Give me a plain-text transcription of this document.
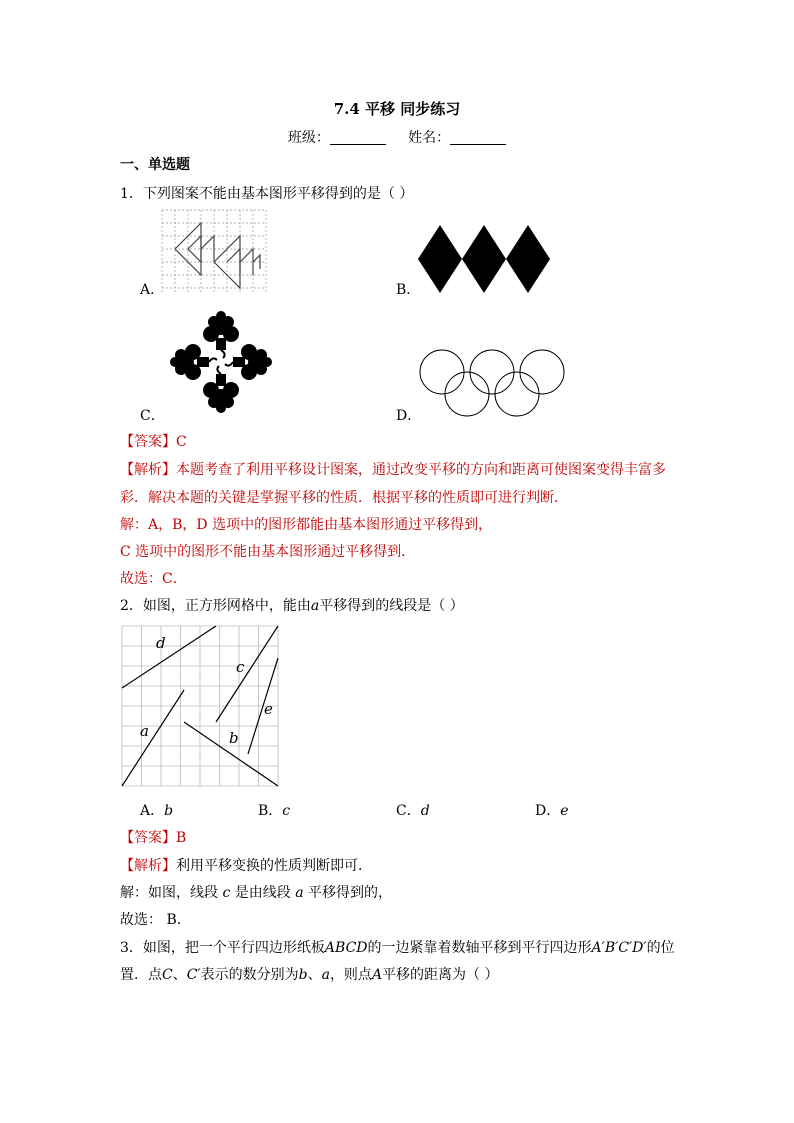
7.4 平移 同步练习
班级：	姓名：
一、单选题
1．下列图案不能由基本图形平移得到的是（ ）
A．	B．
C．	D．
【答案】C
【解析】本题考查了利用平移设计图案，通过改变平移的方向和距离可使图案变得丰富多
彩．解决本题的关键是掌握平移的性质．根据平移的性质即可进行判断．
解：A，B，D 选项中的图形都能由基本图形通过平移得到，
C 选项中的图形不能由基本图形通过平移得到．
故选：C．
2．如图，正方形网格中，能由a平移得到的线段是（ ）
d
c
e
a	b
A．b	B．c	C．d	D．e
【答案】B
【解析】利用平移变换的性质判断即可．
解：如图，线段 c 是由线段 a 平移得到的，
故选： B．
3．如图，把一个平行四边形纸板ABCD的一边紧靠着数轴平移到平行四边形A′B′C′D′的位
置．点C、C′表示的数分别为b、a，则点A平移的距离为（ ）
